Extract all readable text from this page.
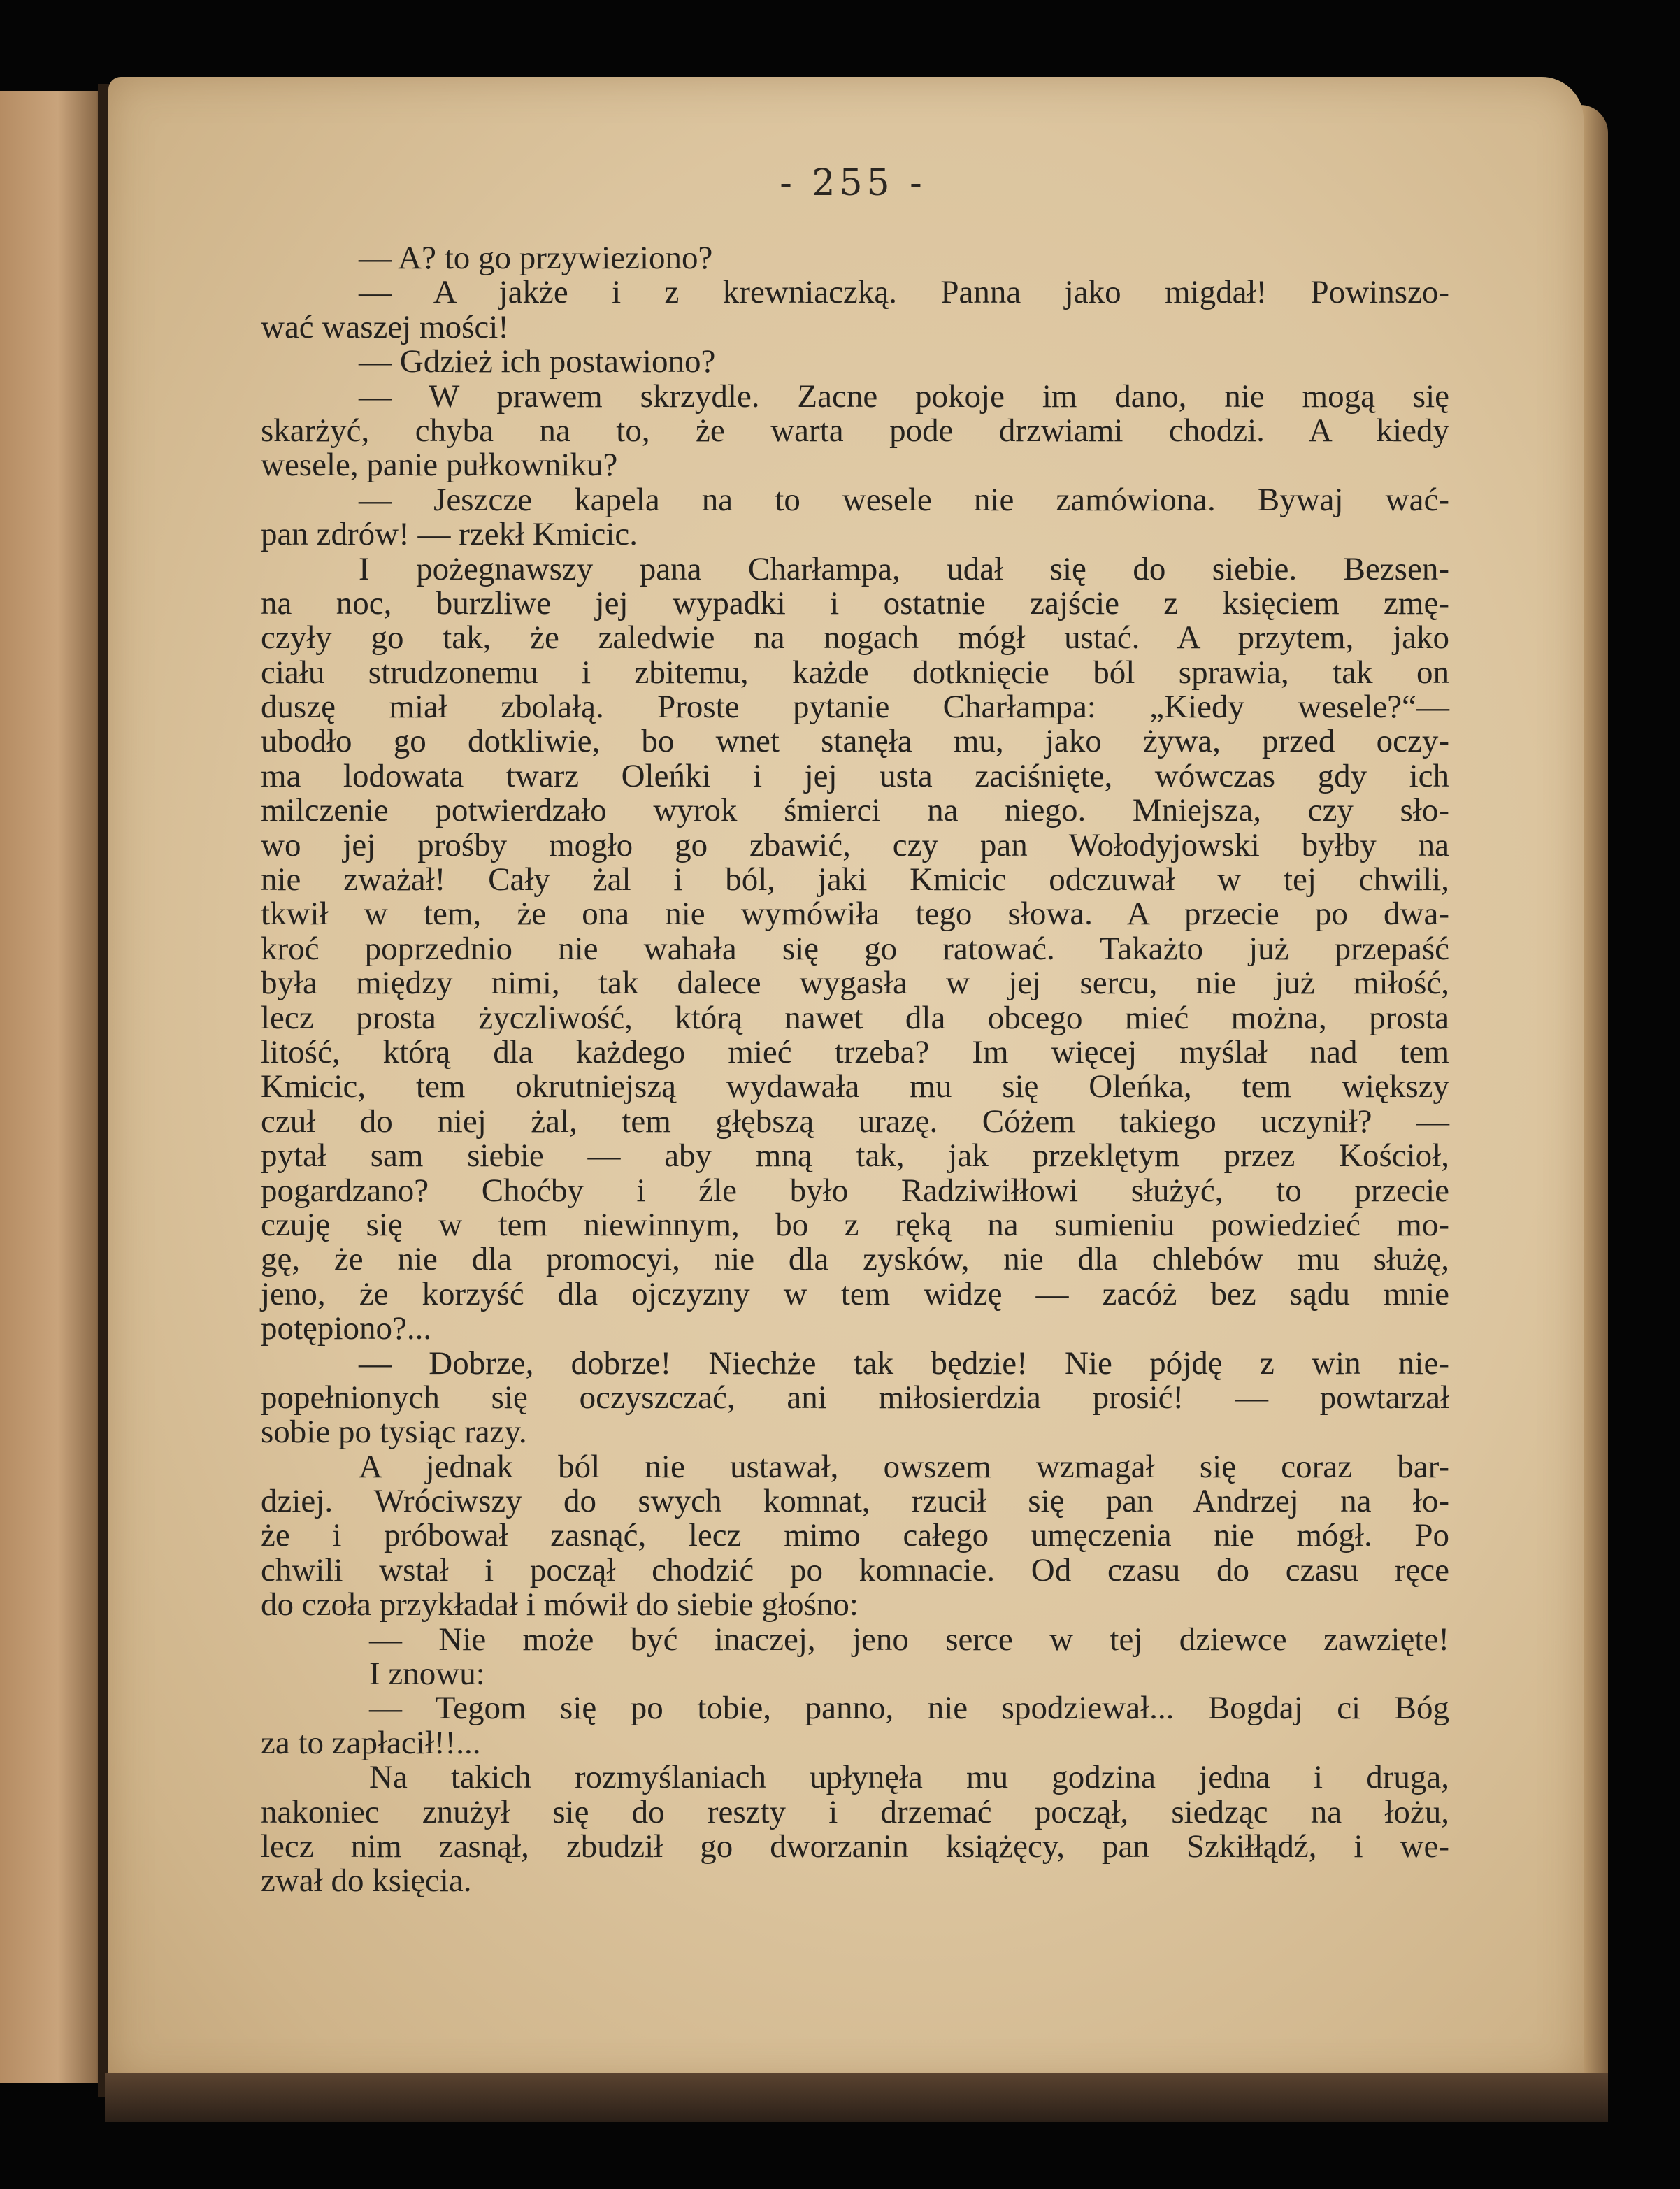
- 255 -
— A? to go przywieziono?
— A jakże i z krewniaczką. Panna jako migdał! Powinszo-
wać waszej mości!
— Gdzież ich postawiono?
— W prawem skrzydle. Zacne pokoje im dano, nie mogą się
skarżyć, chyba na to, że warta pode drzwiami chodzi. A kiedy
wesele, panie pułkowniku?
— Jeszcze kapela na to wesele nie zamówiona. Bywaj wać-
pan zdrów! — rzekł Kmicic.
I pożegnawszy pana Charłampa, udał się do siebie. Bezsen-
na noc, burzliwe jej wypadki i ostatnie zajście z księciem zmę-
czyły go tak, że zaledwie na nogach mógł ustać. A przytem, jako
ciału strudzonemu i zbitemu, każde dotknięcie ból sprawia, tak on
duszę miał zbolałą. Proste pytanie Charłampa: „Kiedy wesele?“—
ubodło go dotkliwie, bo wnet stanęła mu, jako żywa, przed oczy-
ma lodowata twarz Oleńki i jej usta zaciśnięte, wówczas gdy ich
milczenie potwierdzało wyrok śmierci na niego. Mniejsza, czy sło-
wo jej prośby mogło go zbawić, czy pan Wołodyjowski byłby na
nie zważał! Cały żal i ból, jaki Kmicic odczuwał w tej chwili,
tkwił w tem, że ona nie wymówiła tego słowa. A przecie po dwa-
kroć poprzednio nie wahała się go ratować. Takażto już przepaść
była między nimi, tak dalece wygasła w jej sercu, nie już miłość,
lecz prosta życzliwość, którą nawet dla obcego mieć można, prosta
litość, którą dla każdego mieć trzeba? Im więcej myślał nad tem
Kmicic, tem okrutniejszą wydawała mu się Oleńka, tem większy
czuł do niej żal, tem głębszą urazę. Cóżem takiego uczynił? —
pytał sam siebie — aby mną tak, jak przeklętym przez Kościoł,
pogardzano? Choćby i źle było Radziwiłłowi służyć, to przecie
czuję się w tem niewinnym, bo z ręką na sumieniu powiedzieć mo-
gę, że nie dla promocyi, nie dla zysków, nie dla chlebów mu służę,
jeno, że korzyść dla ojczyzny w tem widzę — zacóż bez sądu mnie
potępiono?...
— Dobrze, dobrze! Niechże tak będzie! Nie pójdę z win nie-
popełnionych się oczyszczać, ani miłosierdzia prosić! — powtarzał
sobie po tysiąc razy.
A jednak ból nie ustawał, owszem wzmagał się coraz bar-
dziej. Wróciwszy do swych komnat, rzucił się pan Andrzej na ło-
że i próbował zasnąć, lecz mimo całego umęczenia nie mógł. Po
chwili wstał i począł chodzić po komnacie. Od czasu do czasu ręce
do czoła przykładał i mówił do siebie głośno:
— Nie może być inaczej, jeno serce w tej dziewce zawzięte!
I znowu:
— Tegom się po tobie, panno, nie spodziewał... Bogdaj ci Bóg
za to zapłacił!!...
Na takich rozmyślaniach upłynęła mu godzina jedna i druga,
nakoniec znużył się do reszty i drzemać począł, siedząc na łożu,
lecz nim zasnął, zbudził go dworzanin książęcy, pan Szkiłłądź, i we-
zwał do księcia.
